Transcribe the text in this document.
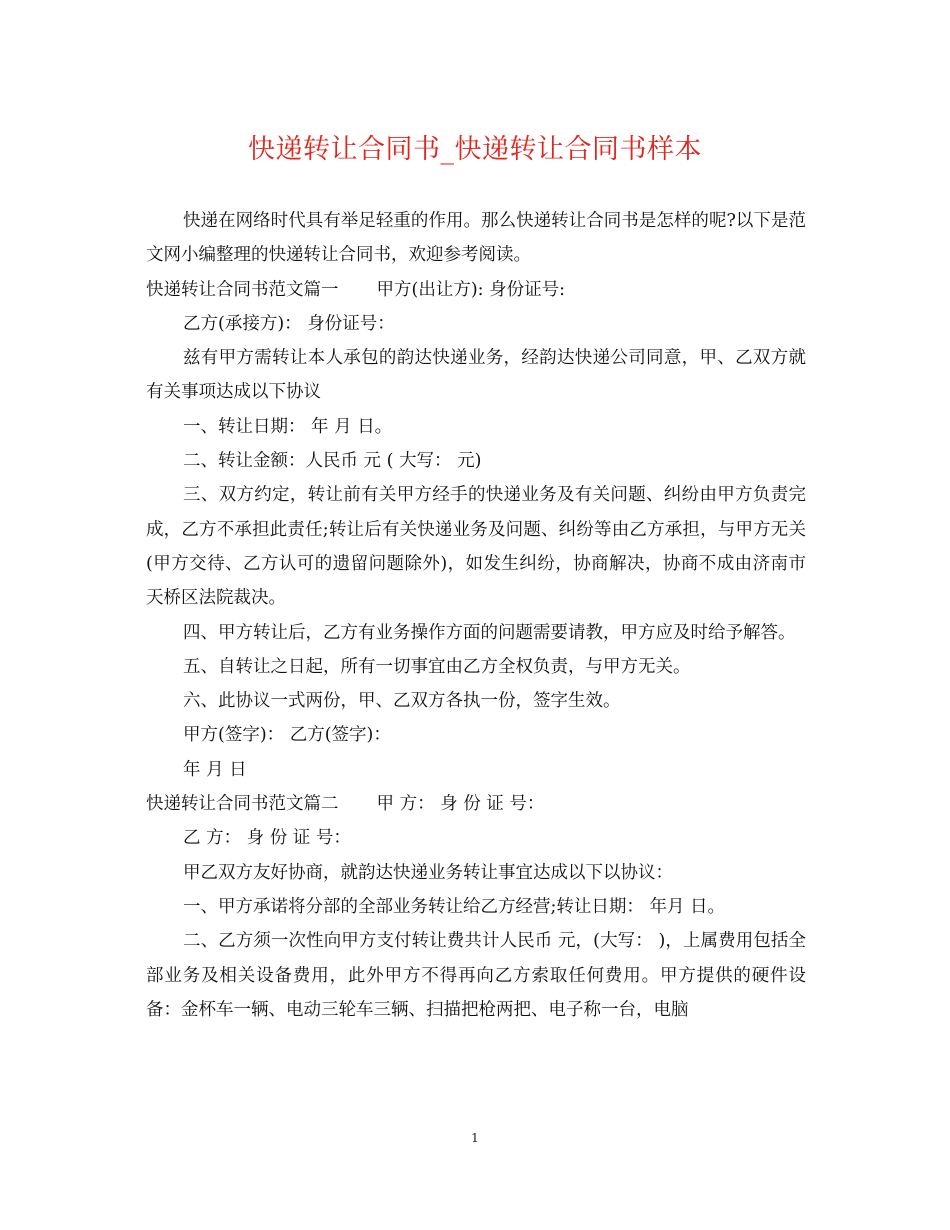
快递转让合同书_快递转让合同书样本

快递在网络时代具有举足轻重的作用。那么快递转让合同书是怎样的呢?以下是范文网小编整理的快递转让合同书，欢迎参考阅读。

快递转让合同书范文篇一 甲方(出让方): 身份证号:

乙方(承接方)： 身份证号：

兹有甲方需转让本人承包的韵达快递业务，经韵达快递公司同意，甲、乙双方就有关事项达成以下协议

一、转让日期： 年 月 日。

二、转让金额：人民币 元 ( 大写： 元)

三、双方约定，转让前有关甲方经手的快递业务及有关问题、纠纷由甲方负责完成，乙方不承担此责任;转让后有关快递业务及问题、纠纷等由乙方承担，与甲方无关(甲方交待、乙方认可的遗留问题除外)，如发生纠纷，协商解决，协商不成由济南市天桥区法院裁决。

四、甲方转让后，乙方有业务操作方面的问题需要请教，甲方应及时给予解答。

五、自转让之日起，所有一切事宜由乙方全权负责，与甲方无关。

六、此协议一式两份，甲、乙双方各执一份，签字生效。

甲方(签字)： 乙方(签字)：

年 月 日

快递转让合同书范文篇二 甲 方： 身 份 证 号：

乙 方： 身 份 证 号：

甲乙双方友好协商，就韵达快递业务转让事宜达成以下以协议：

一、甲方承诺将分部的全部业务转让给乙方经营;转让日期： 年月 日。

二、乙方须一次性向甲方支付转让费共计人民币 元，(大写： )，上属费用包括全部业务及相关设备费用，此外甲方不得再向乙方索取任何费用。甲方提供的硬件设备：金杯车一辆、电动三轮车三辆、扫描把枪两把、电子称一台，电脑

1
